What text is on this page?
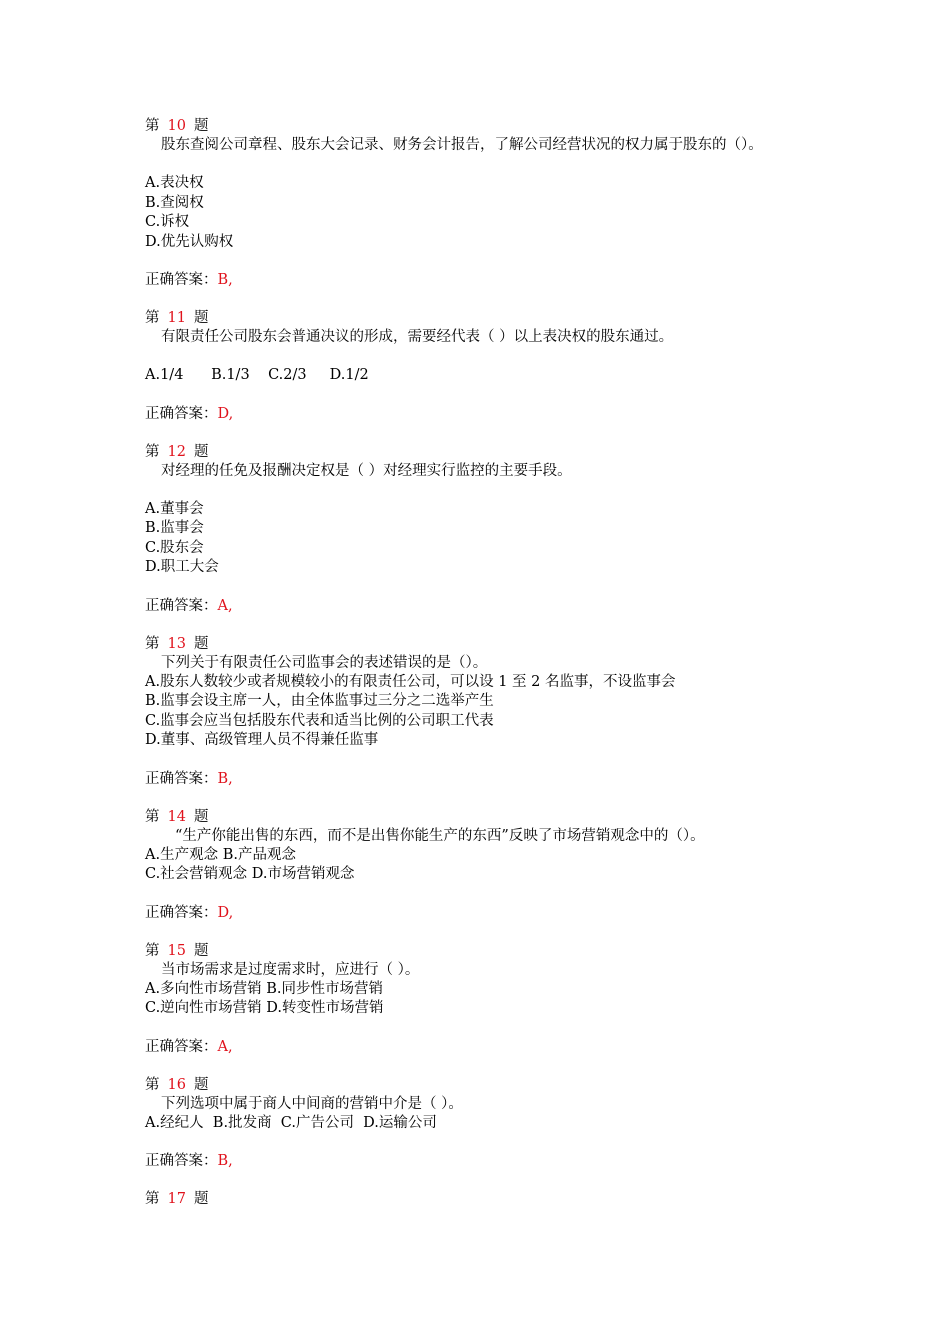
第 10 题
股东查阅公司章程、股东大会记录、财务会计报告，了解公司经营状况的权力属于股东的（）。
A.表决权
B.查阅权
C.诉权
D.优先认购权
正确答案：B,
第 11 题
有限责任公司股东会普通决议的形成，需要经代表（ ）以上表决权的股东通过。
A.1/4      B.1/3    C.2/3     D.1/2
正确答案：D,
第 12 题
对经理的任免及报酬决定权是（ ）对经理实行监控的主要手段。
A.董事会
B.监事会
C.股东会
D.职工大会
正确答案：A,
第 13 题
下列关于有限责任公司监事会的表述错误的是（）。
A.股东人数较少或者规模较小的有限责任公司，可以设 1 至 2 名监事，不设监事会
B.监事会设主席一人，由全体监事过三分之二选举产生
C.监事会应当包括股东代表和适当比例的公司职工代表
D.董事、高级管理人员不得兼任监事
正确答案：B,
第 14 题
“生产你能出售的东西，而不是出售你能生产的东西”反映了市场营销观念中的（）。
A.生产观念 B.产品观念
C.社会营销观念 D.市场营销观念
正确答案：D,
第 15 题
当市场需求是过度需求时，应进行（ ）。
A.多向性市场营销 B.同步性市场营销
C.逆向性市场营销 D.转变性市场营销
正确答案：A,
第 16 题
下列选项中属于商人中间商的营销中介是（ ）。
A.经纪人  B.批发商  C.广告公司  D.运输公司
正确答案：B,
第 17 题
